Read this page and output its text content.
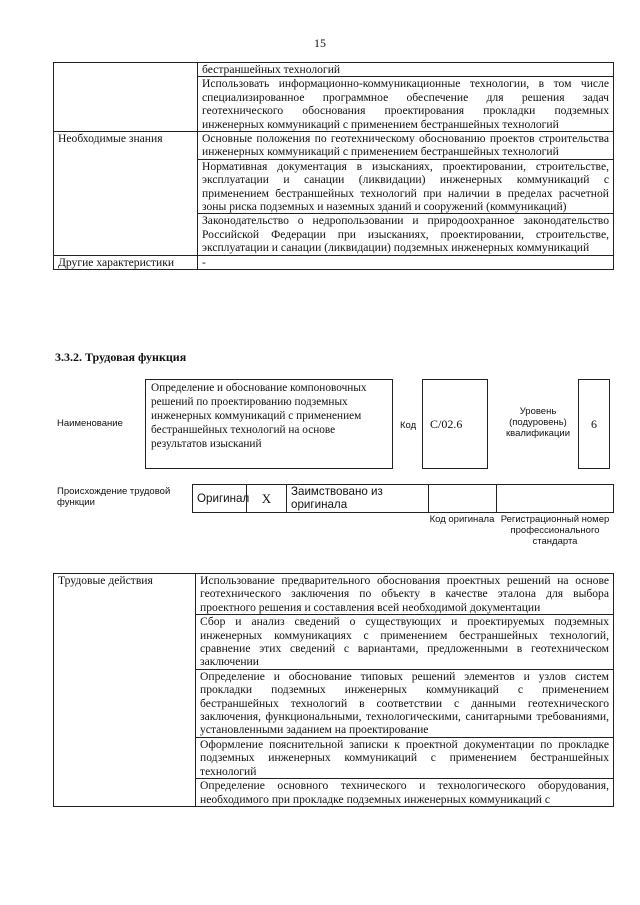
15
	бестраншейных технологий
	Использовать информационно-коммуникационные технологии, в том числе специализированное программное обеспечение для решения задач геотехнического обоснования проектирования прокладки подземных инженерных коммуникаций с применением бестраншейных технологий
Необходимые знания	Основные положения по геотехническому обоснованию проектов строительства инженерных коммуникаций с применением бестраншейных технологий
	Нормативная документация в изысканиях, проектировании, строительстве, эксплуатации и санации (ликвидации) инженерных коммуникаций с применением бестраншейных технологий при наличии в пределах расчетной зоны риска подземных и наземных зданий и сооружений (коммуникаций)
	Законодательство о недропользовании и природоохранное законодательство Российской Федерации при изысканиях, проектировании, строительстве, эксплуатации и санации (ликвидации) подземных инженерных коммуникаций
Другие характеристики	-
3.3.2. Трудовая функция
Наименование
Определение и обоснование компоновочных решений по проектированию подземных инженерных коммуникаций с применением бестраншейных технологий на основе результатов изысканий
Код	С/02.6
Уровень (подуровень) квалификации
6
Происхождение трудовой функции	Оригинал	X	Заимствовано из оригинала		
Код оригинала Регистрационный номер профессионального стандарта
Трудовые действия	Использование предварительного обоснования проектных решений на основе геотехнического заключения по объекту в качестве эталона для выбора проектного решения и составления всей необходимой документации
Сбор и анализ сведений о существующих и проектируемых подземных инженерных коммуникациях с применением бестраншейных технологий, сравнение этих сведений с вариантами, предложенными в геотехническом заключении
Определение и обоснование типовых решений элементов и узлов систем прокладки подземных инженерных коммуникаций с применением бестраншейных технологий в соответствии с данными геотехнического заключения, функциональными, технологическими, санитарными требованиями, установленными заданием на проектирование
Оформление пояснительной записки к проектной документации по прокладке подземных инженерных коммуникаций с применением бестраншейных технологий
Определение основного технического и технологического оборудования, необходимого при прокладке подземных инженерных коммуникаций с
